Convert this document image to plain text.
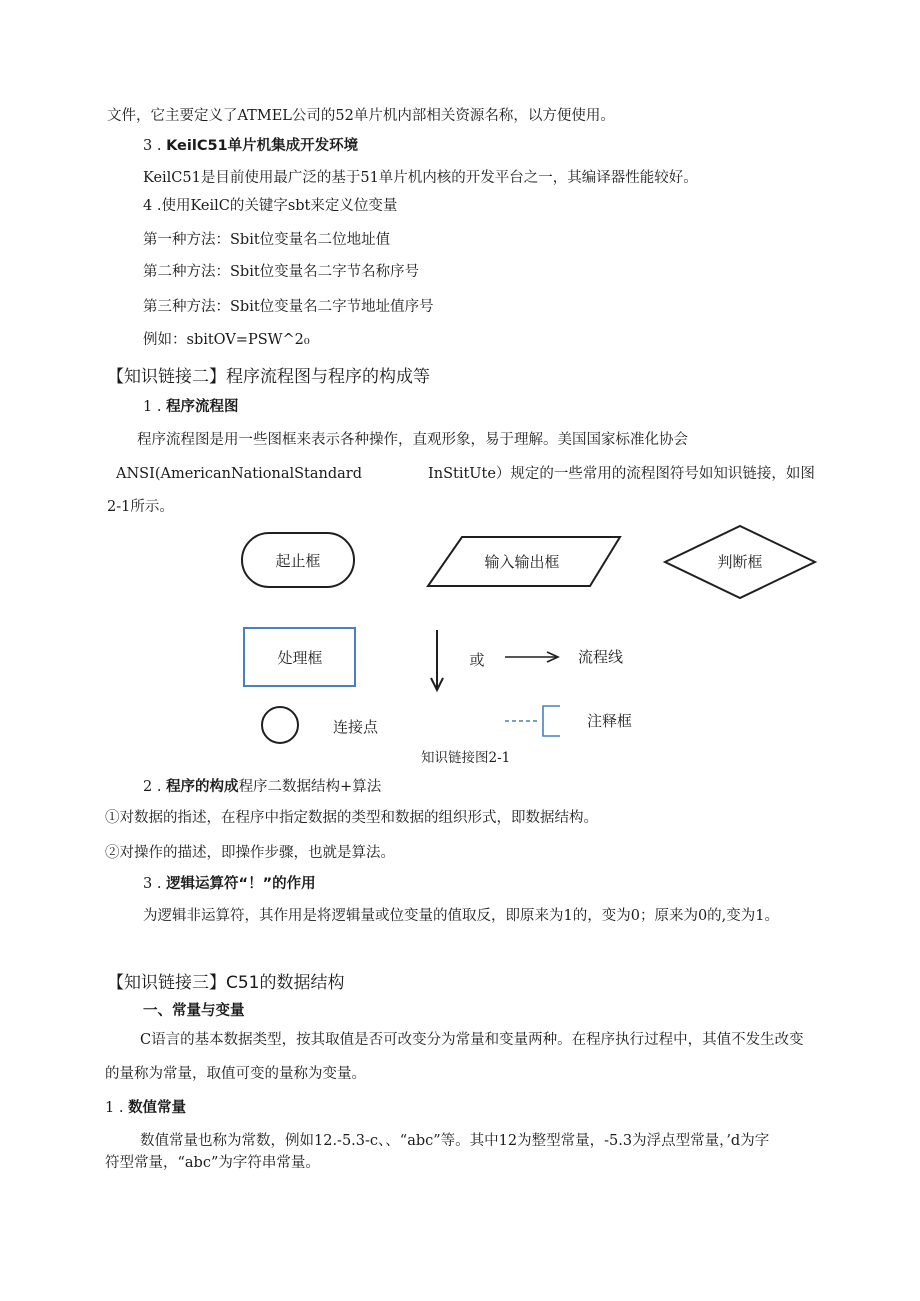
文件，它主要定义了ATMEL公司的52单片机内部相关资源名称，以方便使用。
3 . KeilC51单片机集成开发环境
KeilC51是目前使用最广泛的基于51单片机内核的开发平台之一，其编译器性能较好。
4 .使用KeilC的关键字sbt来定义位变量
第一种方法：Sbit位变量名二位地址值
第二种方法：Sbit位变量名二字节名称序号
第三种方法：Sbit位变量名二字节地址值序号
例如：sbitOV=PSW^2₀
【知识链接二】程序流程图与程序的构成等
1 . 程序流程图
程序流程图是用一些图框来表示各种操作，直观形象，易于理解。美国国家标准化协会
ANSI(AmericanNationalStandard	InStitUte）规定的一些常用的流程图符号如知识链接，如图
2-1所示。
起止框	输入输出框	判断框
处理框	或	流程线
连接点	注释框
知识链接图2-1
2 . 程序的构成程序二数据结构+算法
①对数据的指述，在程序中指定数据的类型和数据的组织形式，即数据结构。
②对操作的描述，即操作步骤，也就是算法。
3 . 逻辑运算符“！”的作用
为逻辑非运算符，其作用是将逻辑量或位变量的值取反，即原来为1的，变为0；原来为0的,变为1。
【知识链接三】C51的数据结构
一、常量与变量
C语言的基本数据类型，按其取值是否可改变分为常量和变量两种。在程序执行过程中，其值不发生改变
的量称为常量，取值可变的量称为变量。
1 . 数值常量
数值常量也称为常数，例如12.-5.3-c、、“abc”等。其中12为整型常量，-5.3为浮点型常量，’d为字
符型常量，“abc”为字符串常量。
